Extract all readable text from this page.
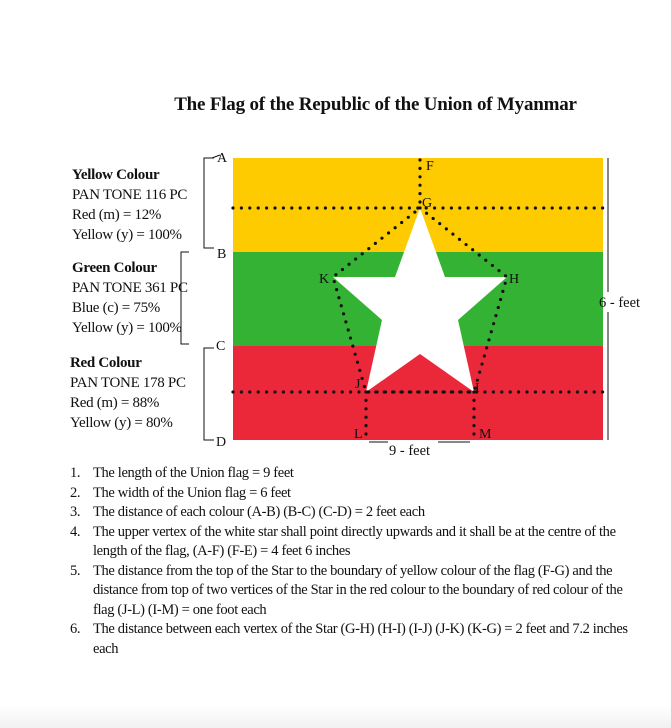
The Flag of the Republic of the Union of Myanmar
A
B
C
D
F
G
H
I
J
K
L	M
9 - feet
6 - feet
Yellow Colour
PAN TONE 116 PC
Red (m) = 12%
Yellow (y) = 100%
Green Colour
PAN TONE 361 PC
Blue (c) = 75%
Yellow (y) = 100%
Red Colour
PAN TONE 178 PC
Red (m) = 88%
Yellow (y) = 80%
1. The length of the Union flag = 9 feet
2. The width of the Union flag = 6 feet
3. The distance of each colour (A-B) (B-C) (C-D) = 2 feet each
4. The upper vertex of the white star shall point directly upwards and it shall be at the centre of the length of the flag, (A-F) (F-E) = 4 feet 6 inches
5. The distance from the top of the Star to the boundary of yellow colour of the flag (F-G) and the distance from top of two vertices of the Star in the red colour to the boundary of red colour of the flag (J-L) (I-M) = one foot each
6. The distance between each vertex of the Star (G-H) (H-I) (I-J) (J-K) (K-G) = 2 feet and 7.2 inches each
